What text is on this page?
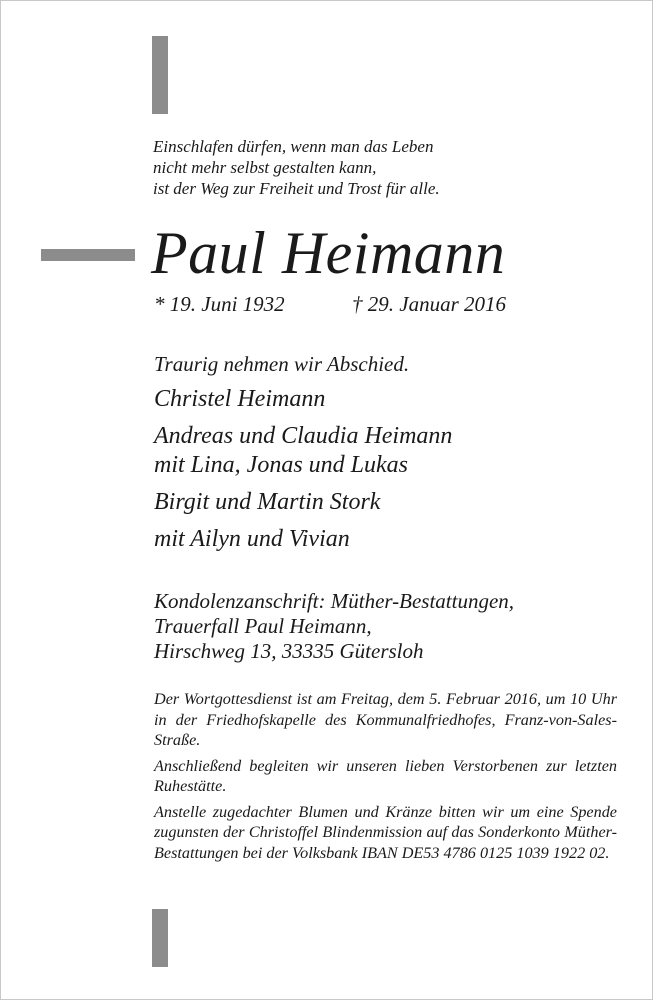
Einschlafen dürfen, wenn man das Leben
nicht mehr selbst gestalten kann,
ist der Weg zur Freiheit und Trost für alle.
Paul Heimann
* 19. Juni 1932	† 29. Januar 2016
Traurig nehmen wir Abschied.
Christel Heimann
Andreas und Claudia Heimann
mit Lina, Jonas und Lukas
Birgit und Martin Stork
mit Ailyn und Vivian
Kondolenzanschrift: Müther-Bestattungen,
Trauerfall Paul Heimann,
Hirschweg 13, 33335 Gütersloh

Der Wortgottesdienst ist am Freitag, dem 5. Februar 2016, um 10 Uhr in der Friedhofskapelle des Kommunalfriedhofes, Franz-von-Sales-Straße.

Anschließend begleiten wir unseren lieben Verstorbenen zur letzten Ruhestätte.

Anstelle zugedachter Blumen und Kränze bitten wir um eine Spende zugunsten der Christoffel Blindenmission auf das Sonderkonto Müther-Bestattungen bei der Volksbank IBAN DE53 4786 0125 1039 1922 02.
